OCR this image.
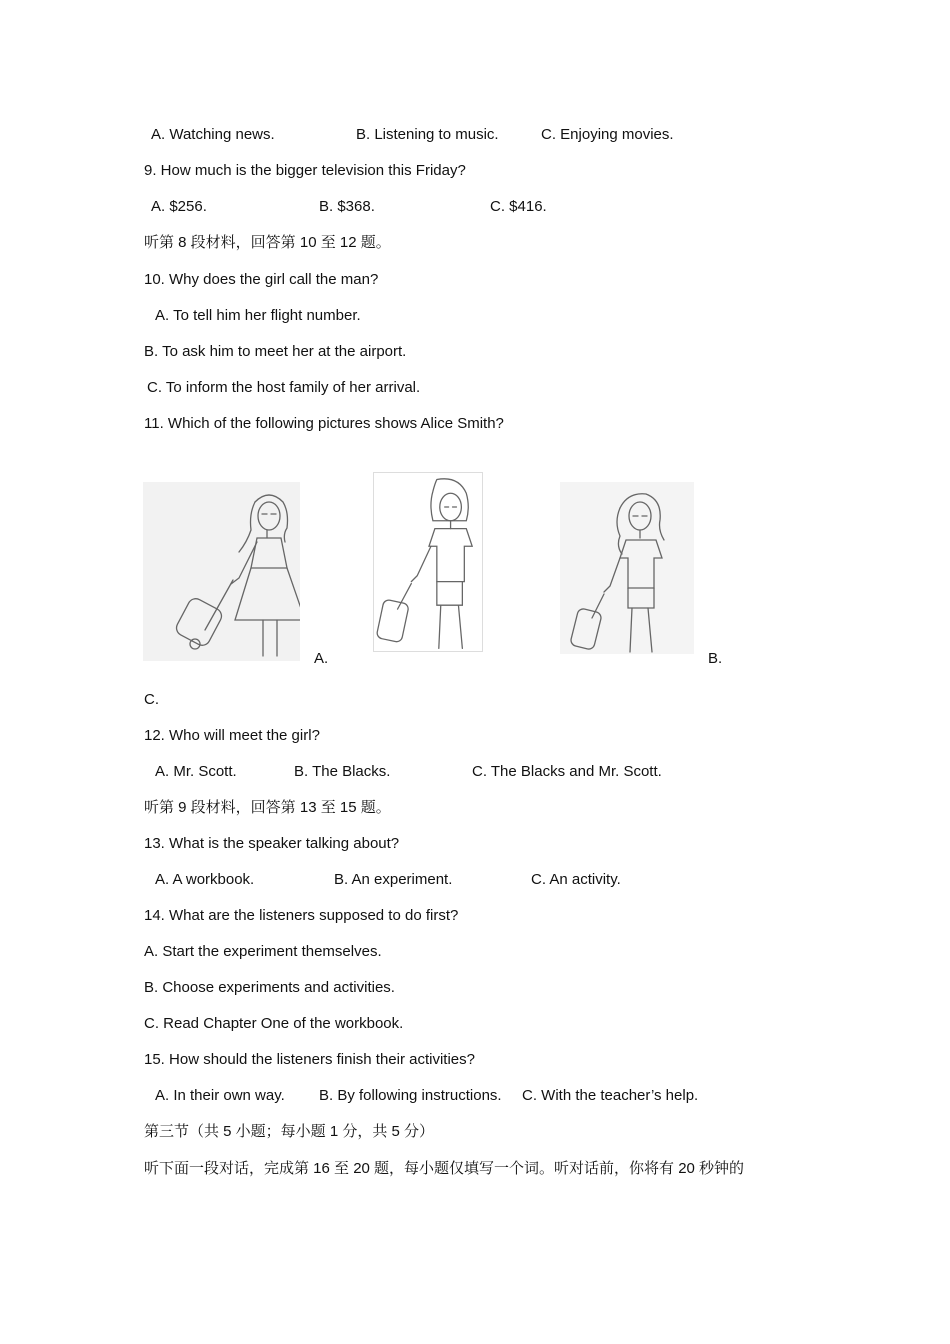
A. Watching news.	B. Listening to music.	C. Enjoying movies.
9. How much is the bigger television this Friday?
A. $256.	B. $368.	C. $416.
听第 8 段材料，回答第 10 至 12 题。
10. Why does the girl call the man?
A. To tell him her flight number.
B. To ask him to meet her at the airport.
C. To inform the host family of her arrival.
11. Which of the following pictures shows Alice Smith?
A.	B.
C.
12. Who will meet the girl?
A. Mr. Scott.	B. The Blacks.	C. The Blacks and Mr. Scott.
听第 9 段材料，回答第 13 至 15 题。
13. What is the speaker talking about?
A. A workbook.	B. An experiment.	C. An activity.
14. What are the listeners supposed to do first?
A. Start the experiment themselves.
B. Choose experiments and activities.
C. Read Chapter One of the workbook.
15. How should the listeners finish their activities?
A. In their own way. B. By following instructions. C. With the teacher’s help.
第三节（共 5 小题；每小题 1 分，共 5 分）
听下面一段对话，完成第 16 至 20 题，每小题仅填写一个词。听对话前，你将有 20 秒钟的
